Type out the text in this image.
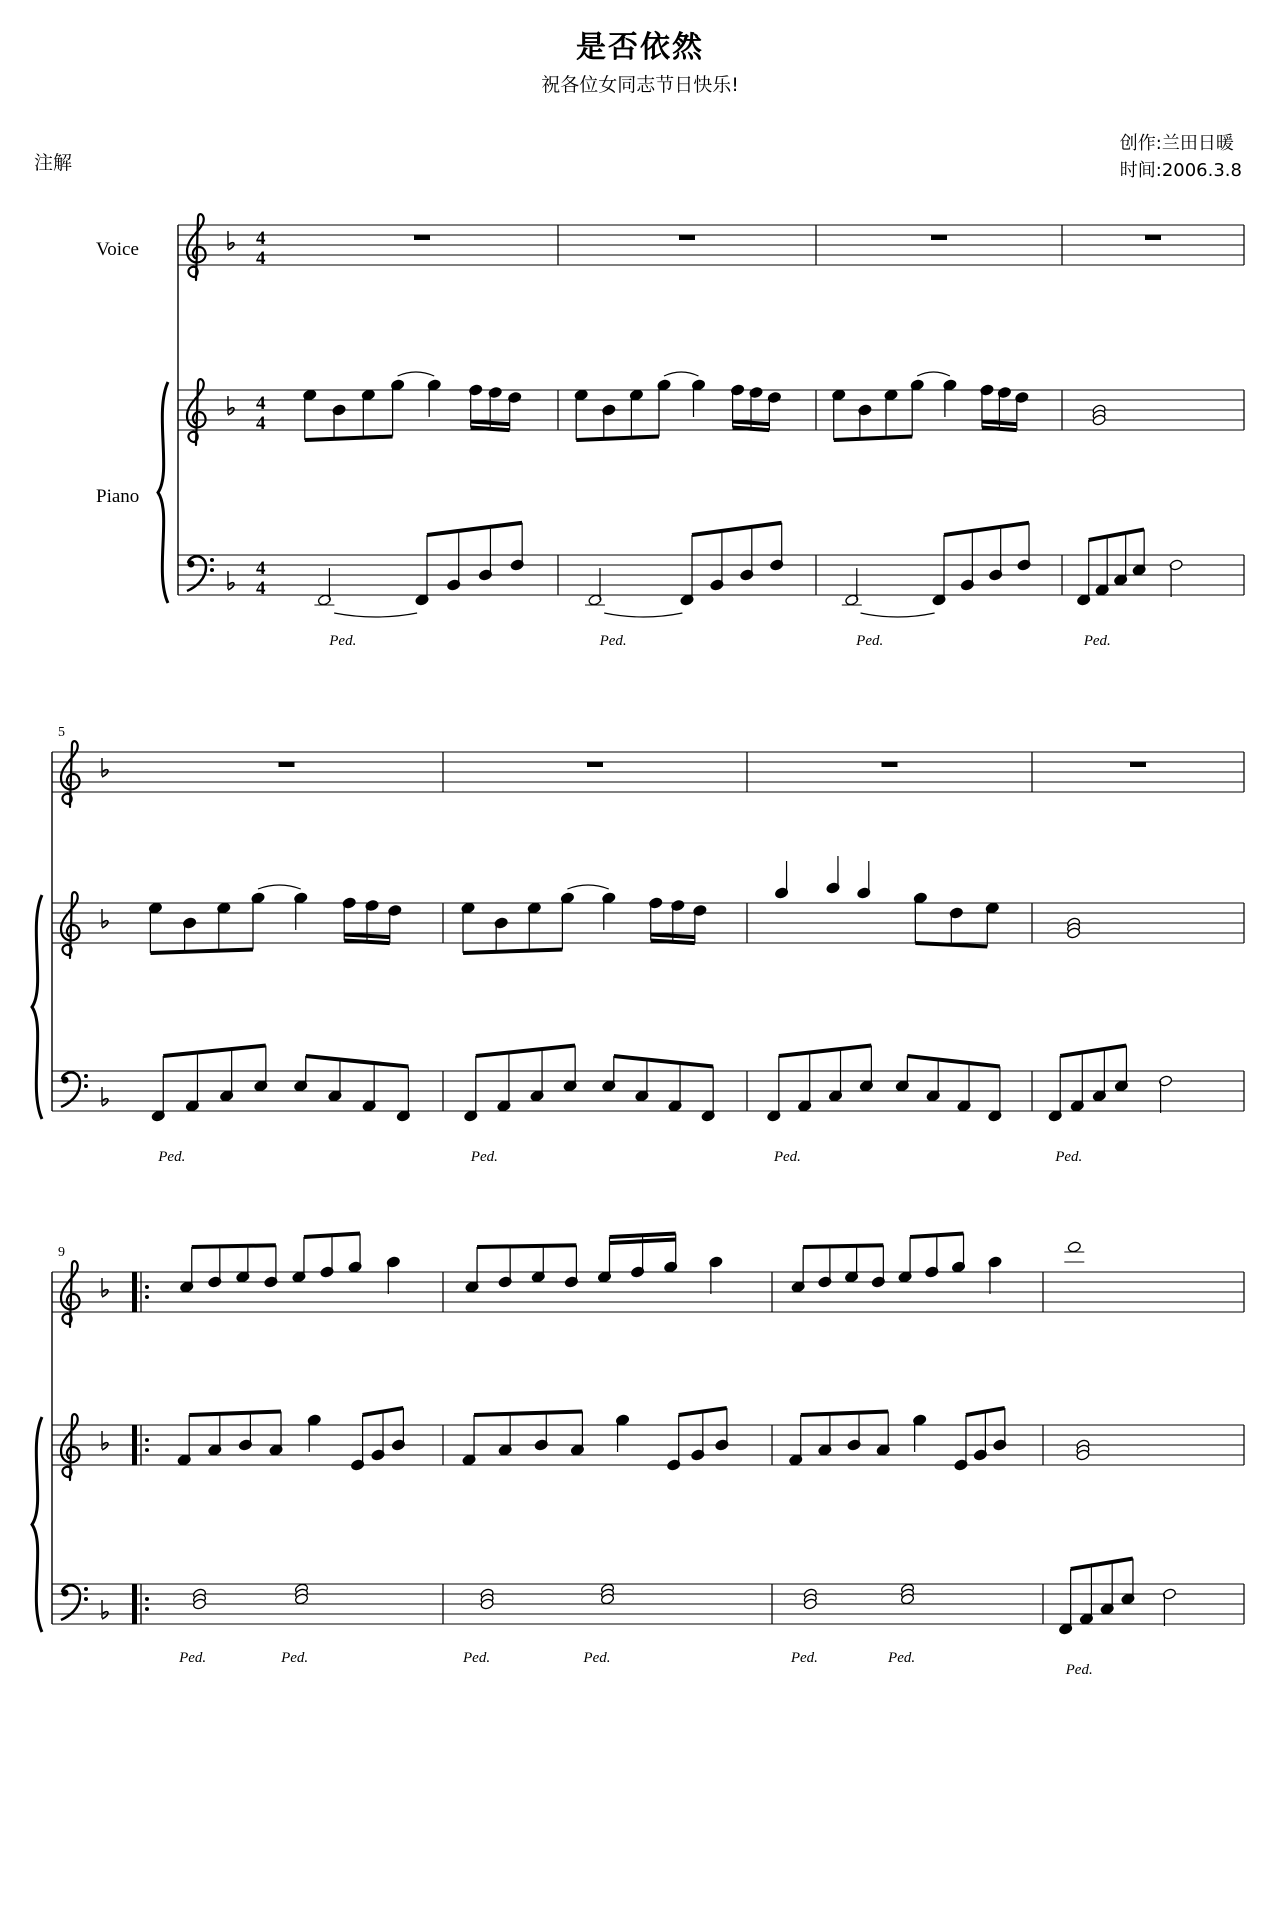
是否依然
祝各位女同志节日快乐!
创作:兰田日暖
时间:2006.3.8
注解
4
4
4
4
4
4
Voice
Piano
Ped.	Ped.	Ped.	Ped.
5
Ped.	Ped.	Ped.	Ped.
9
Ped.	Ped.	Ped.	Ped.	Ped.	Ped.
Ped.
